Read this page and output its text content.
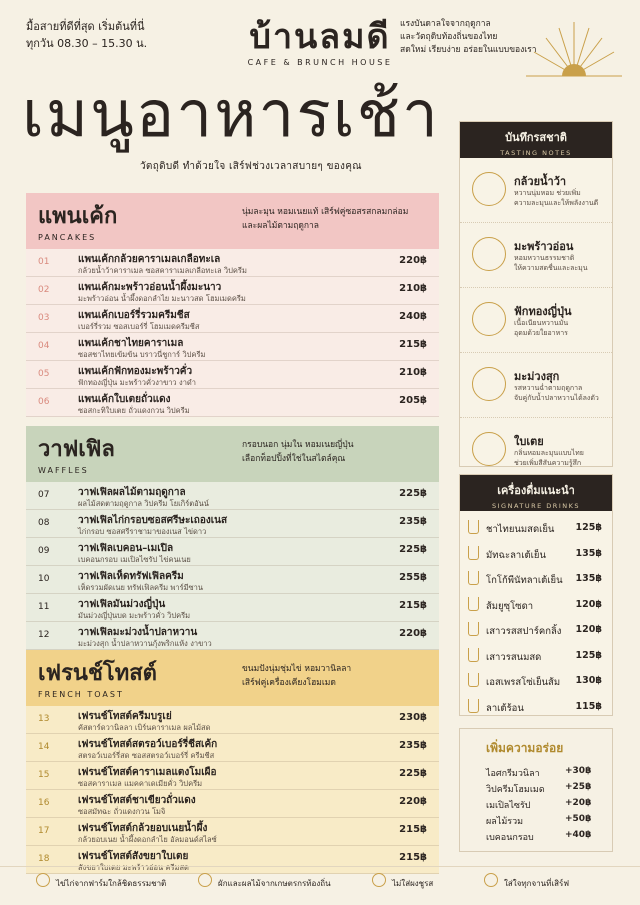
มื้อสายที่ดีที่สุด เริ่มต้นที่นี่
ทุกวัน 08.30 – 15.30 น.	บ้านลมดี
CAFE & BRUNCH HOUSE
แรงบันดาลใจจากฤดูกาล
และวัตถุดิบท้องถิ่นของไทย
สดใหม่ เรียบง่าย อร่อยในแบบของเรา
เมนูอาหารเช้า
วัตถุดิบดี ทำด้วยใจ เสิร์ฟช่วงเวลาสบายๆ ของคุณ
แพนเค้ก
PANCAKES
นุ่มละมุน หอมเนยแท้ เสิร์ฟคู่ซอสรสกลมกล่อม
และผลไม้ตามฤดูกาล
01	แพนเค้กกล้วยคาราเมลเกลือทะเล
กล้วยน้ำว้าคาราเมล ซอสคาราเมลเกลือทะเล วิปครีม
220฿
02	แพนเค้กมะพร้าวอ่อนน้ำผึ้งมะนาว
มะพร้าวอ่อน น้ำผึ้งดอกลำไย มะนาวสด โฮมเมดครีม
210฿
03	แพนเค้กเบอร์รี่รวมครีมชีส
เบอร์รี่รวม ซอสเบอร์รี่ โฮมเมดครีมชีส
240฿
04	แพนเค้กชาไทยคาราเมล
ซอสชาไทยเข้มข้น บราวนี่ชูการ์ วิปครีม
215฿
05	แพนเค้กฟักทองมะพร้าวคั่ว
ฟักทองญี่ปุ่น มะพร้าวคั่วงาขาว งาดำ
210฿
06	แพนเค้กใบเตยถั่วแดง
ซอสกะทิใบเตย ถั่วแดงกวน วิปครีม
205฿
วาฟเฟิล
WAFFLES
กรอบนอก นุ่มใน หอมเนยญี่ปุ่น
เลือกท็อปปิ้งที่ใช่ในสไตล์คุณ
07	วาฟเฟิลผลไม้ตามฤดูกาล
ผลไม้สดตามฤดูกาล วิปครีม โยเกิร์ตอันน์
225฿
08	วาฟเฟิลไก่กรอบซอสศรีษะเถองเนส
ไก่กรอบ ซอสศรีราชามาของเนส ไข่ดาว
235฿
09	วาฟเฟิลเบคอน–เมเปิล
เบคอนกรอบ เมเปิลไซรัป ไข่คนเนย
225฿
10	วาฟเฟิลเห็ดทรัฟเฟิลครีม
เห็ดรวมผัดเนย ทรัฟเฟิลครีม พาร์มีซาน
255฿
11	วาฟเฟิลมันม่วงญี่ปุ่น
มันม่วงญี่ปุ่นบด มะพร้าวคั่ว วิปครีม
215฿
12	วาฟเฟิลมะม่วงน้ำปลาหวาน
มะม่วงสุก น้ำปลาหวานกุ้งพริกแห้ง งาขาว
220฿
เฟรนช์โทสต์
FRENCH TOAST
ขนมปังนุ่มชุ่มไข่ หอมวานิลลา
เสิร์ฟคู่เครื่องเคียงโฮมเมด
13	เฟรนช์โทสต์ครีมบรูเย่
คัสตาร์ดวานิลลา เบิร์นคาราเมล ผลไม้สด
230฿
14	เฟรนช์โทสต์สตรอว์เบอร์รี่ชีสเค้ก
สตรอว์เบอร์รี่สด ซอสสตรอว์เบอร์รี่ ครีมชีส
235฿
15	เฟรนช์โทสต์คาราเมลแตงโมเผือ
ซอสคาราเมล แมคคาเดเมียคั่ว วิปครีม
225฿
16	เฟรนช์โทสต์ชาเขียวถั่วแดง
ซอสมัทฉะ ถั่วแดงกวน โมจิ
220฿
17	เฟรนช์โทสต์กล้วยอบเนยน้ำผึ้ง
กล้วยอบเนย น้ำผึ้งดอกลำไย อัลมอนด์สไลซ์
215฿
18	เฟรนช์โทสต์สังขยาใบเตย
สังขยาใบเตย มะพร้าวอ่อน ครีมสด
215฿
บันทึกรสชาติ
TASTING NOTES
กล้วยน้ำว้า
หวานนุ่มหอม ช่วยเพิ่ม
ความละมุนและให้พลังงานดี
มะพร้าวอ่อน
หอมหวานธรรมชาติ
ให้ความสดชื่นและละมุน
ฟักทองญี่ปุ่น
เนื้อเนียนหวานมัน
อุดมด้วยใยอาหาร
มะม่วงสุก
รสหวานฉ่ำตามฤดูกาล
จับคู่กับน้ำปลาหวานได้ลงตัว
ใบเตย
กลิ่นหอมละมุนแบบไทย
ช่วยเพิ่มสีสันความรู้สึก
เครื่องดื่มแนะนำ
SIGNATURE DRINKS
ชาไทยนมสดเย็น 125฿
มัทฉะลาเต้เย็น	135฿
โกโก้พีนัทลาเต้เย็น 135฿
ส้มยูซุโซดา	120฿
เสาวรสสปาร์คกลิ้ง 120฿
เสาวรสนมสด	125฿
เอสเพรสโซ่เย็นส้ม 130฿
ลาเต้ร้อน	115฿
เพิ่มความอร่อย
ไอศกรีมวนิลา	+30฿
วิปครีมโฮมเมด +25฿
เมเปิลไซรัป	+20฿
ผลไม้รวม	+50฿
เบคอนกรอบ	+40฿
ไข่ไก่จากฟาร์มใกล้ชิดธรรมชาติ	ผักและผลไม้จากเกษตรกรท้องถิ่น	ไม่ใส่ผงชูรส	ใส่ใจทุกจานที่เสิร์ฟ
